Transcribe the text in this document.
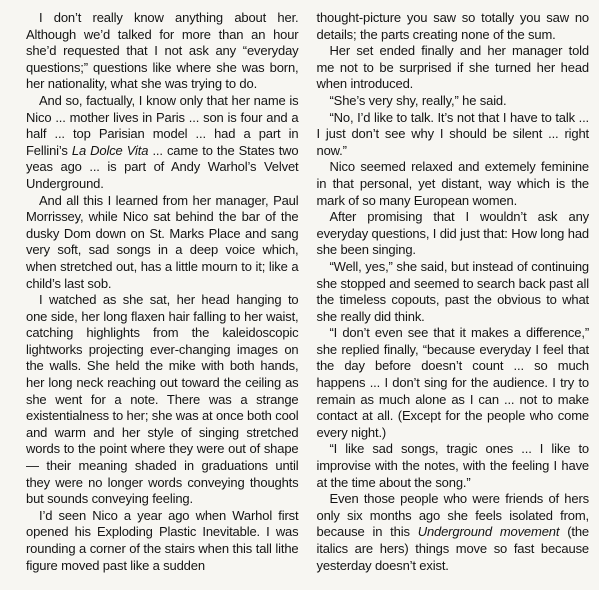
I don’t really know anything about her. Although we’d talked for more than an hour she’d requested that I not ask any “everyday questions;” questions like where she was born, her nationality, what she was trying to do.

And so, factually, I know only that her name is Nico ... mother lives in Paris ... son is four and a half ... top Parisian model ... had a part in Fellini’s La Dolce Vita ... came to the States two yeas ago ... is part of Andy Warhol’s Velvet Underground.

And all this I learned from her manager, Paul Morrissey, while Nico sat behind the bar of the dusky Dom down on St. Marks Place and sang very soft, sad songs in a deep voice which, when stretched out, has a little mourn to it; like a child’s last sob.

I watched as she sat, her head hanging to one side, her long flaxen hair falling to her waist, catching highlights from the kaleidoscopic lightworks projecting ever-changing images on the walls. She held the mike with both hands, her long neck reaching out toward the ceiling as she went for a note. There was a strange existentialness to her; she was at once both cool and warm and her style of singing stretched words to the point where they were out of shape — their meaning shaded in graduations until they were no longer words conveying thoughts but sounds conveying feeling.

I’d seen Nico a year ago when Warhol first opened his Exploding Plastic Inevitable. I was rounding a corner of the stairs when this tall lithe figure moved past like a sudden

thought-picture you saw so totally you saw no details; the parts creating none of the sum.

Her set ended finally and her manager told me not to be surprised if she turned her head when introduced.

“She’s very shy, really,” he said.

“No, I’d like to talk. It’s not that I have to talk ... I just don’t see why I should be silent ... right now.”

Nico seemed relaxed and extemely feminine in that personal, yet distant, way which is the mark of so many European women.

After promising that I wouldn’t ask any everyday questions, I did just that: How long had she been singing.

“Well, yes,” she said, but instead of continuing she stopped and seemed to search back past all the timeless copouts, past the obvious to what she really did think.

“I don’t even see that it makes a difference,” she replied finally, “because everyday I feel that the day before doesn’t count ... so much happens ... I don’t sing for the audience. I try to remain as much alone as I can ... not to make contact at all. (Except for the people who come every night.)

“I like sad songs, tragic ones ... I like to improvise with the notes, with the feeling I have at the time about the song.”

Even those people who were friends of hers only six months ago she feels isolated from, because in this Underground movement (the italics are hers) things move so fast because yesterday doesn’t exist.
